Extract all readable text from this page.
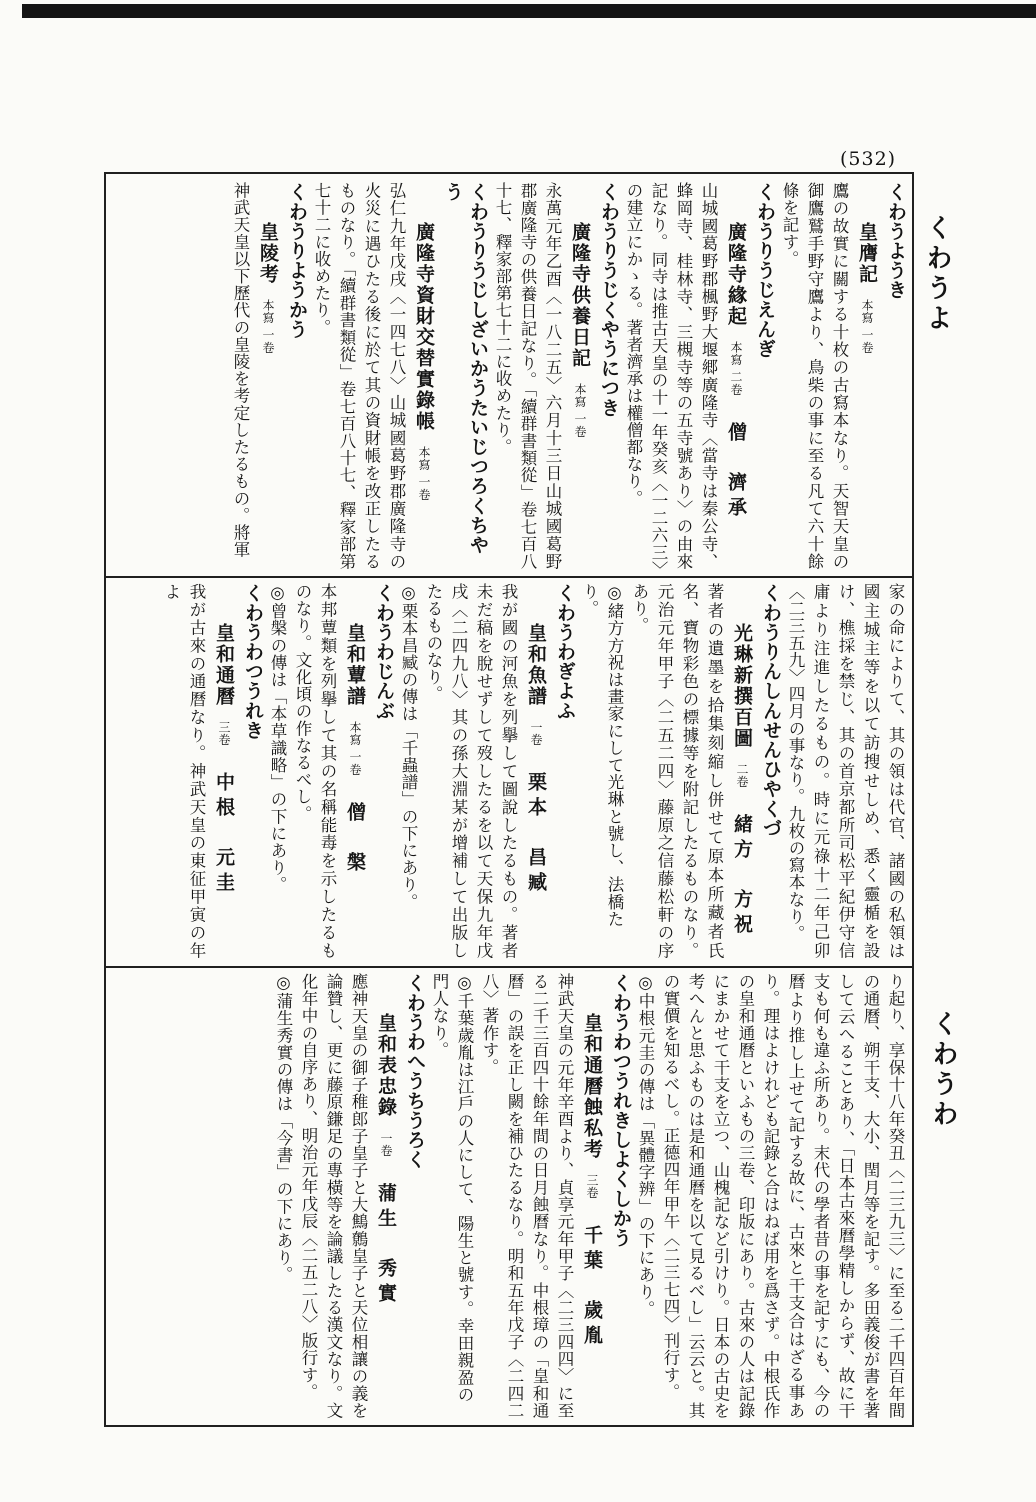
(532)
くわうよ
くわうわ
くわうようき
皇膺記本寫 一卷
鷹の故實に關する十枚の古寫本なり。天智天皇の御鷹鷲手野守鷹より、鳥柴の事に至る凡て六十餘條を記す。
くわうりうじえんぎ
廣隆寺緣起本寫 二卷僧　濟承
山城國葛野郡楓野大堰郷廣隆寺〈當寺は秦公寺、蜂岡寺、桂林寺、三槻寺等の五寺號あり〉の由來記なり。同寺は推古天皇の十一年癸亥〈一二六三〉の建立にかゝる。著者濟承は權僧都なり。
くわうりうじくやうにつき
廣隆寺供養日記本寫 一卷
永萬元年乙酉〈一八二五〉六月十三日山城國葛野郡廣隆寺の供養日記なり。「續群書類從」卷七百八十七、釋家部第七十二に收めたり。
くわうりうじしざいかうたいじつろくちやう
廣隆寺資財交替實錄帳本寫 一卷
弘仁九年戊戌〈一四七八〉山城國葛野郡廣隆寺の火災に遇ひたる後に於て其の資財帳を改正したるものなり。「續群書類從」卷七百八十七、釋家部第七十二に收めたり。
くわうりようかう
皇陵考本寫 一卷
神武天皇以下歷代の皇陵を考定したるもの。將軍
家の命によりて、其の領は代官、諸國の私領は國主城主等を以て訪搜せしめ、悉く靈楯を設け、樵採を禁じ、其の首京都所司松平紀伊守信庸より注進したるもの。時に元祿十二年己卯〈二三五九〉四月の事なり。九枚の寫本なり。
くわうりんしんせんひやくづ
光琳新撰百圖二卷緒方　方祝
著者の遺墨を拾集刻縮し併せて原本所藏者氏名、寶物彩色の標據等を附記したるものなり。元治元年甲子〈二五二四〉藤原之信藤松軒の序あり。
◎緒方方祝は畫家にして光琳と號し、法橋たり。
くわうわぎよふ
皇和魚譜一卷栗本　昌臧
我が國の河魚を列擧して圖說したるもの。著者未だ稿を脫せずして歿したるを以て天保九年戊戌〈二四九八〉其の孫大淵某が增補して出版したるものなり。
◎栗本昌臧の傳は「千蟲譜」の下にあり。
くわうわじんぶ
皇和蕈譜本寫 一卷僧　槃
本邦蕈類を列擧して其の名稱能毒を示したるものなり。文化頃の作なるべし。
◎曾槃の傳は「本草識略」の下にあり。
くわうわつうれき
皇和通曆三卷中根　元圭
我が古來の通曆なり。神武天皇の東征甲寅の年よ
り起り、享保十八年癸丑〈二三九三〉に至る二千四百年間の通曆、朔干支、大小、閏月等を記す。多田義俊が書を著して云へることあり、「日本古來曆學精しからず、故に干支も何も違ふ所あり。末代の學者昔の事を記すにも、今の曆より推し上せて記する故に、古來と干支合はざる事あり。理はよけれども記錄と合はねば用を爲さず。中根氏作の皇和通曆といふもの三卷、印版にあり。古來の人は記錄にまかせて干支を立つ、山槐記など引けり。日本の古史を考へんと思ふものは是和通曆を以て見るべし」云云と。其の實價を知るべし。正德四年甲午〈二三七四〉刊行す。
◎中根元圭の傳は「異體字辨」の下にあり。
くわうわつうれきしよくしかう
皇和通曆蝕私考三卷千葉　歲胤
神武天皇の元年辛酉より、貞享元年甲子〈二三四四〉に至る二千三百四十餘年間の日月蝕曆なり。中根璋の「皇和通曆」の誤を正し闕を補ひたるなり。明和五年戊子〈二四二八〉著作す。
◎千葉歲胤は江戶の人にして、陽生と號す。幸田親盈の門人なり。
くわうわへうちうろく
皇和表忠錄一卷蒲生　秀實
應神天皇の御子稚郎子皇子と大鷦鷯皇子と天位相讓の義を論贊し、更に藤原鎌足の專橫等を論議したる漢文なり。文化年中の自序あり、明治元年戊辰〈二五二八〉版行す。
◎蒲生秀實の傳は「今書」の下にあり。
